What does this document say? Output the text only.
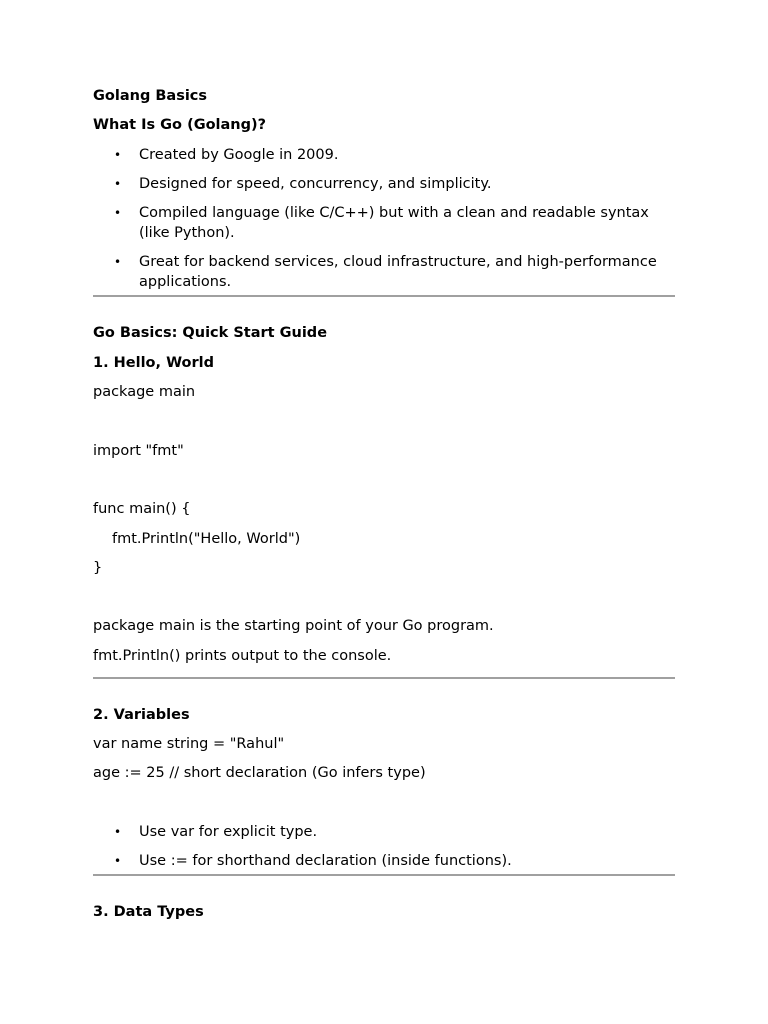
Golang Basics
What Is Go (Golang)?
• Created by Google in 2009.
• Designed for speed, concurrency, and simplicity.
• Compiled language (like C/C++) but with a clean and readable syntax (like Python).
• Great for backend services, cloud infrastructure, and high-performance applications.
Go Basics: Quick Start Guide
1. Hello, World
package main
import "fmt"
func main() {
fmt.Println("Hello, World")
}
package main is the starting point of your Go program.
fmt.Println() prints output to the console.
2. Variables
var name string = "Rahul"
age := 25 // short declaration (Go infers type)
• Use var for explicit type.
• Use := for shorthand declaration (inside functions).
3. Data Types
